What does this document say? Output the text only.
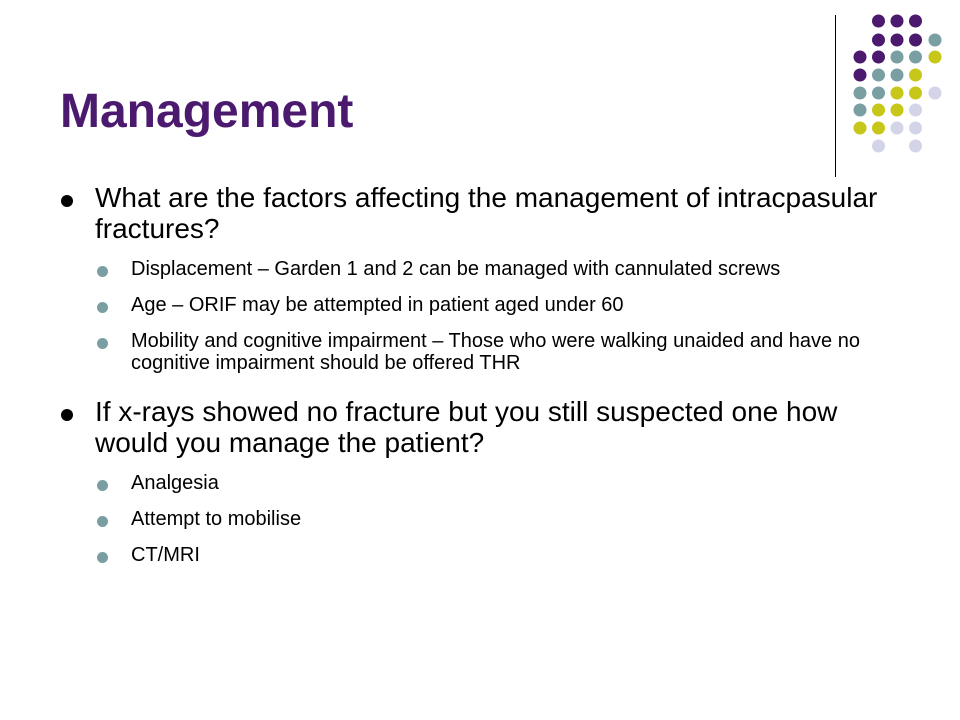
Management
What are the factors affecting the management of intracpasular fractures?
Displacement – Garden 1 and 2 can be managed with cannulated screws
Age – ORIF may be attempted in patient aged under 60
Mobility and cognitive impairment – Those who were walking unaided and have no cognitive impairment should be offered THR
If x-rays showed no fracture but you still suspected one how would you manage the patient?
Analgesia
Attempt to mobilise
CT/MRI
